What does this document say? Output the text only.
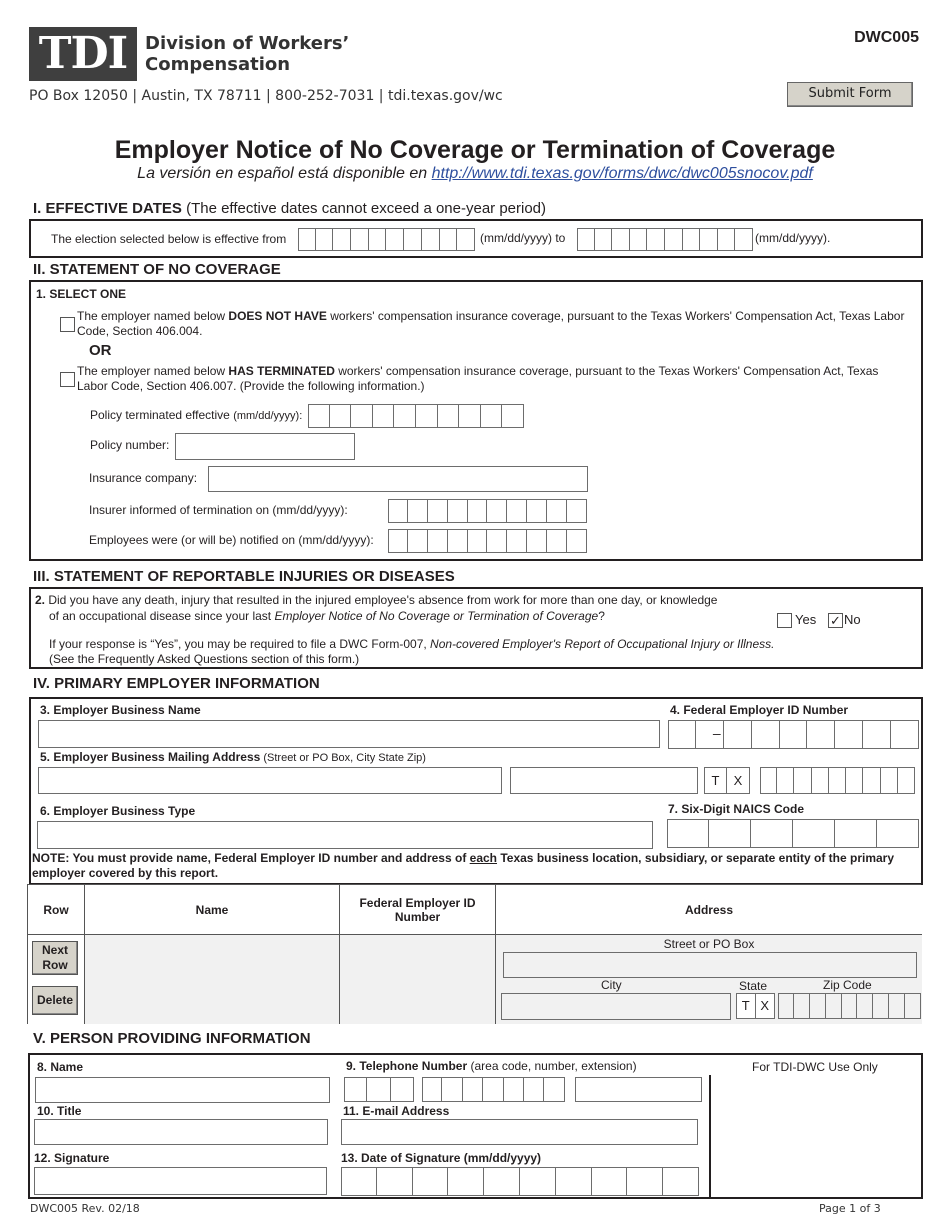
TDI Division of Workers’
Compensation
PO Box 12050 | Austin, TX 78711 | 800-252-7031 | tdi.texas.gov/wc
DWC005
Submit Form
Employer Notice of No Coverage or Termination of Coverage
La versión en español está disponible en http://www.tdi.texas.gov/forms/dwc/dwc005snocov.pdf
I. EFFECTIVE DATES (The effective dates cannot exceed a one-year period)
The election selected below is effective from	(mm/dd/yyyy) to	(mm/dd/yyyy).
II. STATEMENT OF NO COVERAGE
1. SELECT ONE
The employer named below DOES NOT HAVE workers' compensation insurance coverage, pursuant to the Texas Workers' Compensation Act, Texas Labor Code, Section 406.004.
OR
The employer named below HAS TERMINATED workers' compensation insurance coverage, pursuant to the Texas Workers' Compensation Act, Texas Labor Code, Section 406.007. (Provide the following information.)
Policy terminated effective (mm/dd/yyyy):
Policy number:
Insurance company:
Insurer informed of termination on (mm/dd/yyyy):
Employees were (or will be) notified on (mm/dd/yyyy):
III. STATEMENT OF REPORTABLE INJURIES OR DISEASES
2. Did you have any death, injury that resulted in the injured employee's absence from work for more than one day, or knowledge
of an occupational disease since your last Employer Notice of No Coverage or Termination of Coverage?	Yes ✓ No
If your response is “Yes”, you may be required to file a DWC Form-007, Non-covered Employer's Report of Occupational Injury or Illness.
(See the Frequently Asked Questions section of this form.)
IV. PRIMARY EMPLOYER INFORMATION
3. Employer Business Name	4. Federal Employer ID Number
–
5. Employer Business Mailing Address (Street or PO Box, City State Zip)
T	X
6. Employer Business Type	7. Six-Digit NAICS Code
NOTE: You must provide name, Federal Employer ID number and address of each Texas business location, subsidiary, or separate entity of the primary employer covered by this report.
Row	Name	Federal Employer ID Number	Address
Next Row
Delete
Street or PO Box
City	State	Zip Code
T X
V. PERSON PROVIDING INFORMATION
8. Name	9. Telephone Number (area code, number, extension)	For TDI-DWC Use Only
10. Title	11. E-mail Address
12. Signature	13. Date of Signature (mm/dd/yyyy)
DWC005 Rev. 02/18	Page 1 of 3
